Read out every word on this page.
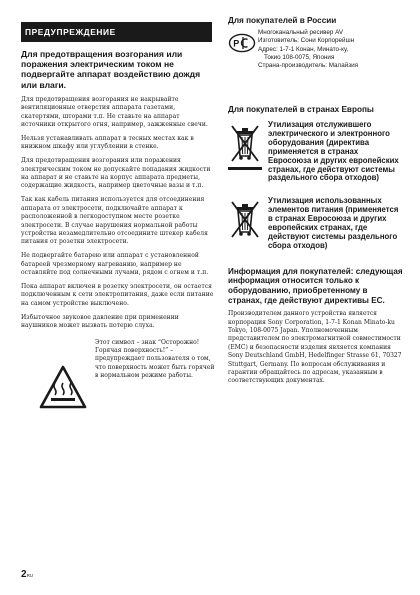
ПРЕДУПРЕЖДЕНИЕ
Для предотвращения возгорания или поражения электрическим током не подвергайте аппарат воздействию дождя или влаги.

Для предотвращения возгорания не накрывайте вентиляционные отверстия аппарата газетами, скатертями, шторами т.п. Не ставьте на аппарат источники открытого огня, например, зажженные свечи.

Нельзя устанавливать аппарат в тесных местах как в книжном шкафу или углублении в стенке.

Для предотвращения возгорания или поражения электрическим током не допускайте попадания жидкости на аппарат и не ставьте на корпус аппарата предметы, содержащие жидкость, например цветочные вазы и т.п.

Так как кабель питания используется для отсоединения аппарата от электросети, подключайте аппарат к расположенной в легкодоступном месте розетке электросети. В случае нарушения нормальной работы устройства незамедлительно отсоедините штекер кабеля питания от розетки электросети.

Не подвергайте батарею или аппарат с установленной батареей чрезмерному нагреванию, например не оставляйте под солнечными лучами, рядом с огнем и т.п.

Пока аппарат включен в розетку электросети, он остается подключенным к сети электропитания, даже если питание на самом устройстве выключено.

Избыточное звуковое давление при применении наушников может вызвать потерю слуха.

Этот символ – знак “Осторожно! Горячая поверхность!” – предупреждает пользователя о том, что поверхность может быть горячей в нормальном режиме работы.
2RU
Для покупателей в России
P
Многоканальный ресивер AV
Изготовитель: Сони Корпорейшн
Адрес: 1-7-1 Конан, Минато-ку,
Токио 108-0075, Япония
Страна-производитель: Малайзия
Для покупателей в странах Европы
Утилизация отслужившего электрического и электронного оборудования (директива применяется в странах Евросоюза и других европейских странах, где действуют системы раздельного сбора отходов)
Утилизация использованных элементов питания (применяется в странах Евросоюза и других европейских странах, где действуют системы раздельного сбора отходов)
Информация для покупателей: следующая информация относится только к оборудованию, приобретенному в странах, где действуют директивы ЕС.

Производителем данного устройства является корпорация Sony Corporation, 1-7-1 Konan Minato-ku Tokyo, 108-0075 Japan. Уполномоченным представителем по электромагнитной совместимости (EMC) и безопасности изделия является компания Sony Deutschland GmbH, Hedelfinger Strasse 61, 70327 Stuttgart, Germany. По вопросам обслуживания и гарантии обращайтесь по адресам, указанным в соответствующих документах.
